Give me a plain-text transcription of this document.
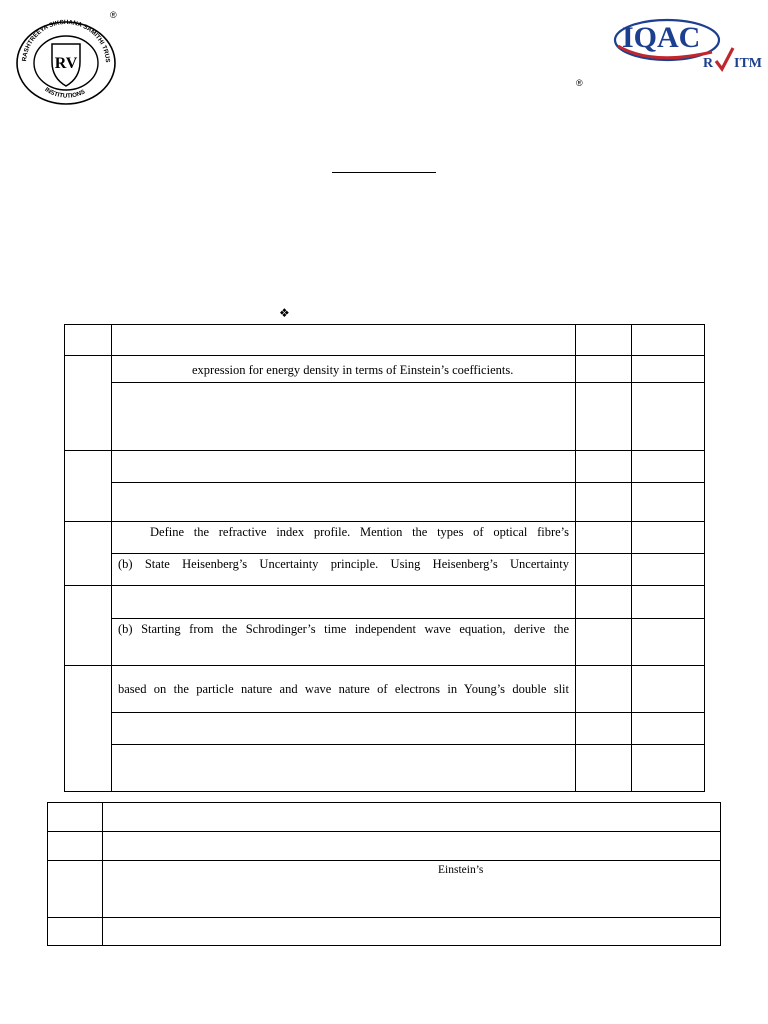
RASHTREEYA SIKSHANA SAMITHI TRUS
INSTITUTIONS
RV
®
IQAC
R ITM
®
❖

	expression for energy density in terms of Einstein’s coefficients.		

	Define the refractive index profile. Mention the types of optical fibre’s		

	(b) State Heisenberg’s Uncertainty principle. Using Heisenberg’s Uncertainty		

	(b) Starting from the Schrodinger’s time independent wave equation, derive the		

	based on the particle nature and wave nature of electrons in Young’s double slit		

	Einstein’s
